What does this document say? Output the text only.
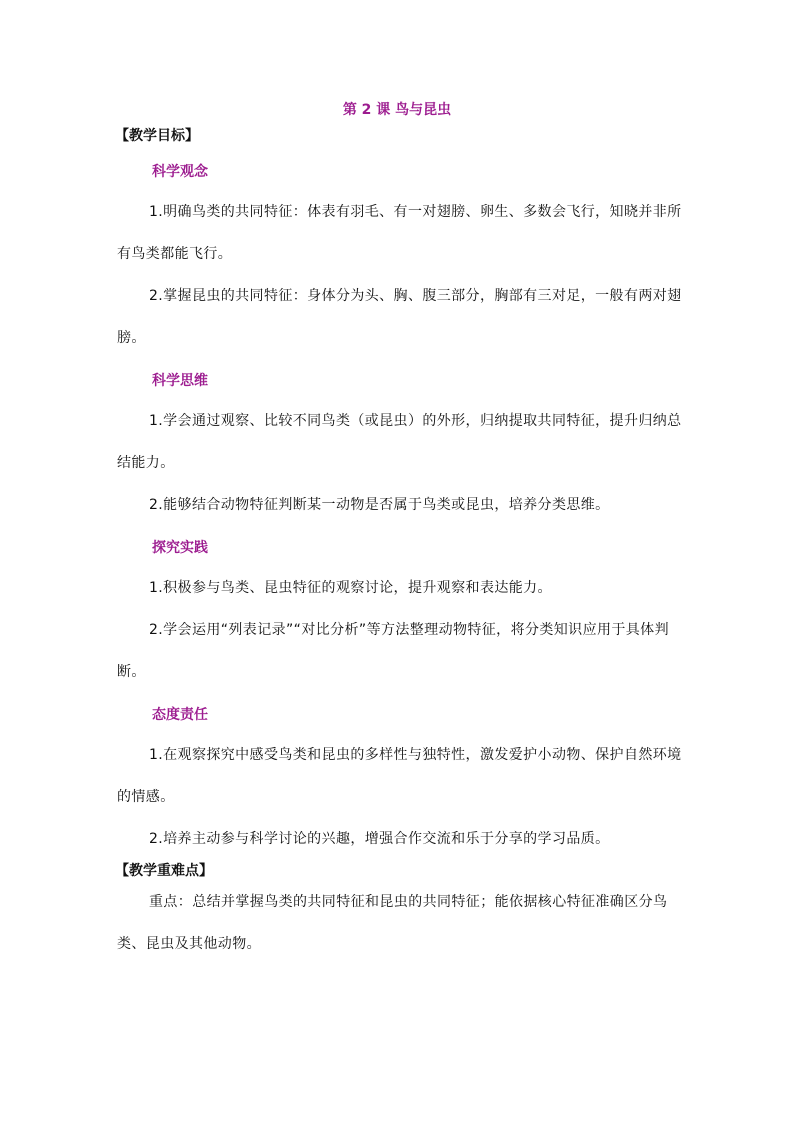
第 2 课 鸟与昆虫
【教学目标】
科学观念
1.明确鸟类的共同特征：体表有羽毛、有一对翅膀、卵生、多数会飞行，知晓并非所有鸟类都能飞行。
2.掌握昆虫的共同特征：身体分为头、胸、腹三部分，胸部有三对足，一般有两对翅膀。
科学思维
1.学会通过观察、比较不同鸟类（或昆虫）的外形，归纳提取共同特征，提升归纳总结能力。
2.能够结合动物特征判断某一动物是否属于鸟类或昆虫，培养分类思维。
探究实践
1.积极参与鸟类、昆虫特征的观察讨论，提升观察和表达能力。
2.学会运用“列表记录”“对比分析”等方法整理动物特征，将分类知识应用于具体判断。
态度责任
1.在观察探究中感受鸟类和昆虫的多样性与独特性，激发爱护小动物、保护自然环境的情感。
2.培养主动参与科学讨论的兴趣，增强合作交流和乐于分享的学习品质。
【教学重难点】
重点：总结并掌握鸟类的共同特征和昆虫的共同特征；能依据核心特征准确区分鸟类、昆虫及其他动物。
